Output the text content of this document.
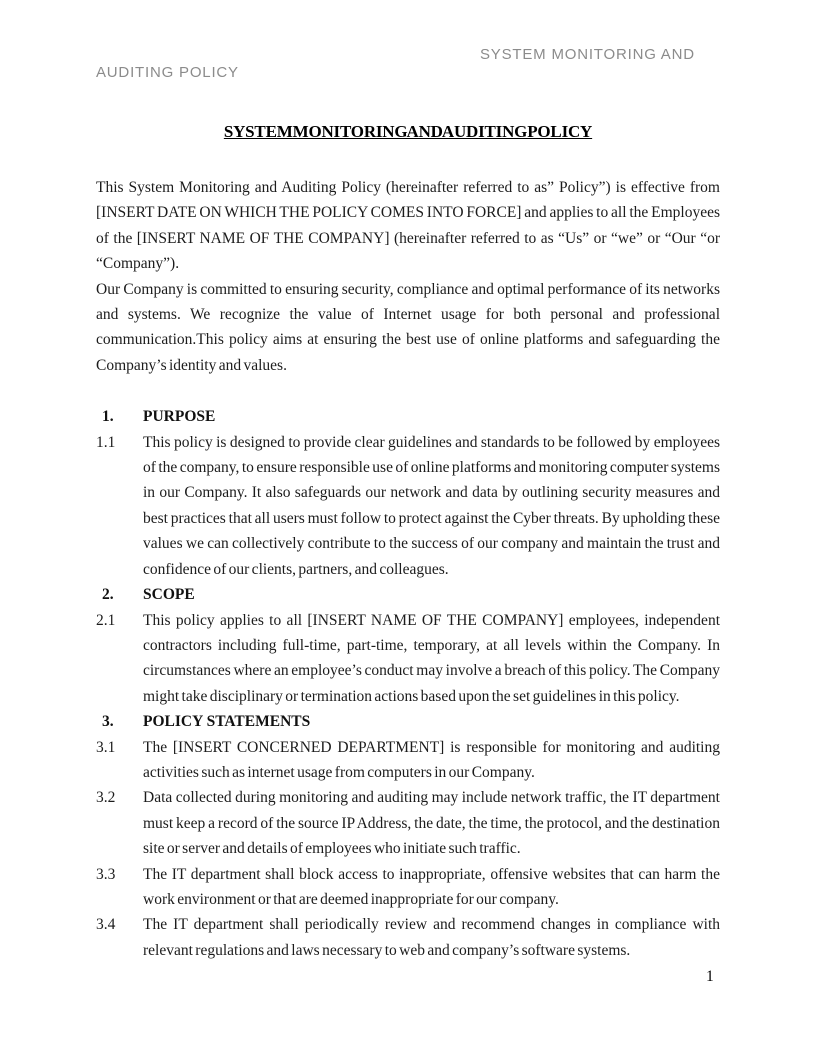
SYSTEM MONITORING AND AUDITING POLICY
SYSTEM MONITORING AND AUDITING POLICY

This System Monitoring and Auditing Policy (hereinafter referred to as” Policy”) is effective from [INSERT DATE ON WHICH THE POLICY COMES INTO FORCE] and applies to all the Employees of the [INSERT NAME OF THE COMPANY] (hereinafter referred to as “Us” or “we” or “Our “or “Company”).

Our Company is committed to ensuring security, compliance and optimal performance of its networks and systems. We recognize the value of Internet usage for both personal and professional communication.This policy aims at ensuring the best use of online platforms and safeguarding the Company’s identity and values.

1.	PURPOSE
1.1	This policy is designed to provide clear guidelines and standards to be followed by employees of the company, to ensure responsible use of online platforms and monitoring computer systems in our Company. It also safeguards our network and data by outlining security measures and best practices that all users must follow to protect against the Cyber threats. By upholding these values we can collectively contribute to the success of our company and maintain the trust and confidence of our clients, partners, and colleagues.
2.	SCOPE
2.1	This policy applies to all [INSERT NAME OF THE COMPANY] employees, independent contractors including full-time, part-time, temporary, at all levels within the Company. In circumstances where an employee’s conduct may involve a breach of this policy. The Company might take disciplinary or termination actions based upon the set guidelines in this policy.
3.	POLICY STATEMENTS
3.1	The [INSERT CONCERNED DEPARTMENT] is responsible for monitoring and auditing activities such as internet usage from computers in our Company.
3.2	Data collected during monitoring and auditing may include network traffic, the IT department must keep a record of the source IP Address, the date, the time, the protocol, and the destination site or server and details of employees who initiate such traffic.
3.3	The IT department shall block access to inappropriate, offensive websites that can harm the work environment or that are deemed inappropriate for our company.
3.4	The IT department shall periodically review and recommend changes in compliance with relevant regulations and laws necessary to web and company’s software systems.
1
